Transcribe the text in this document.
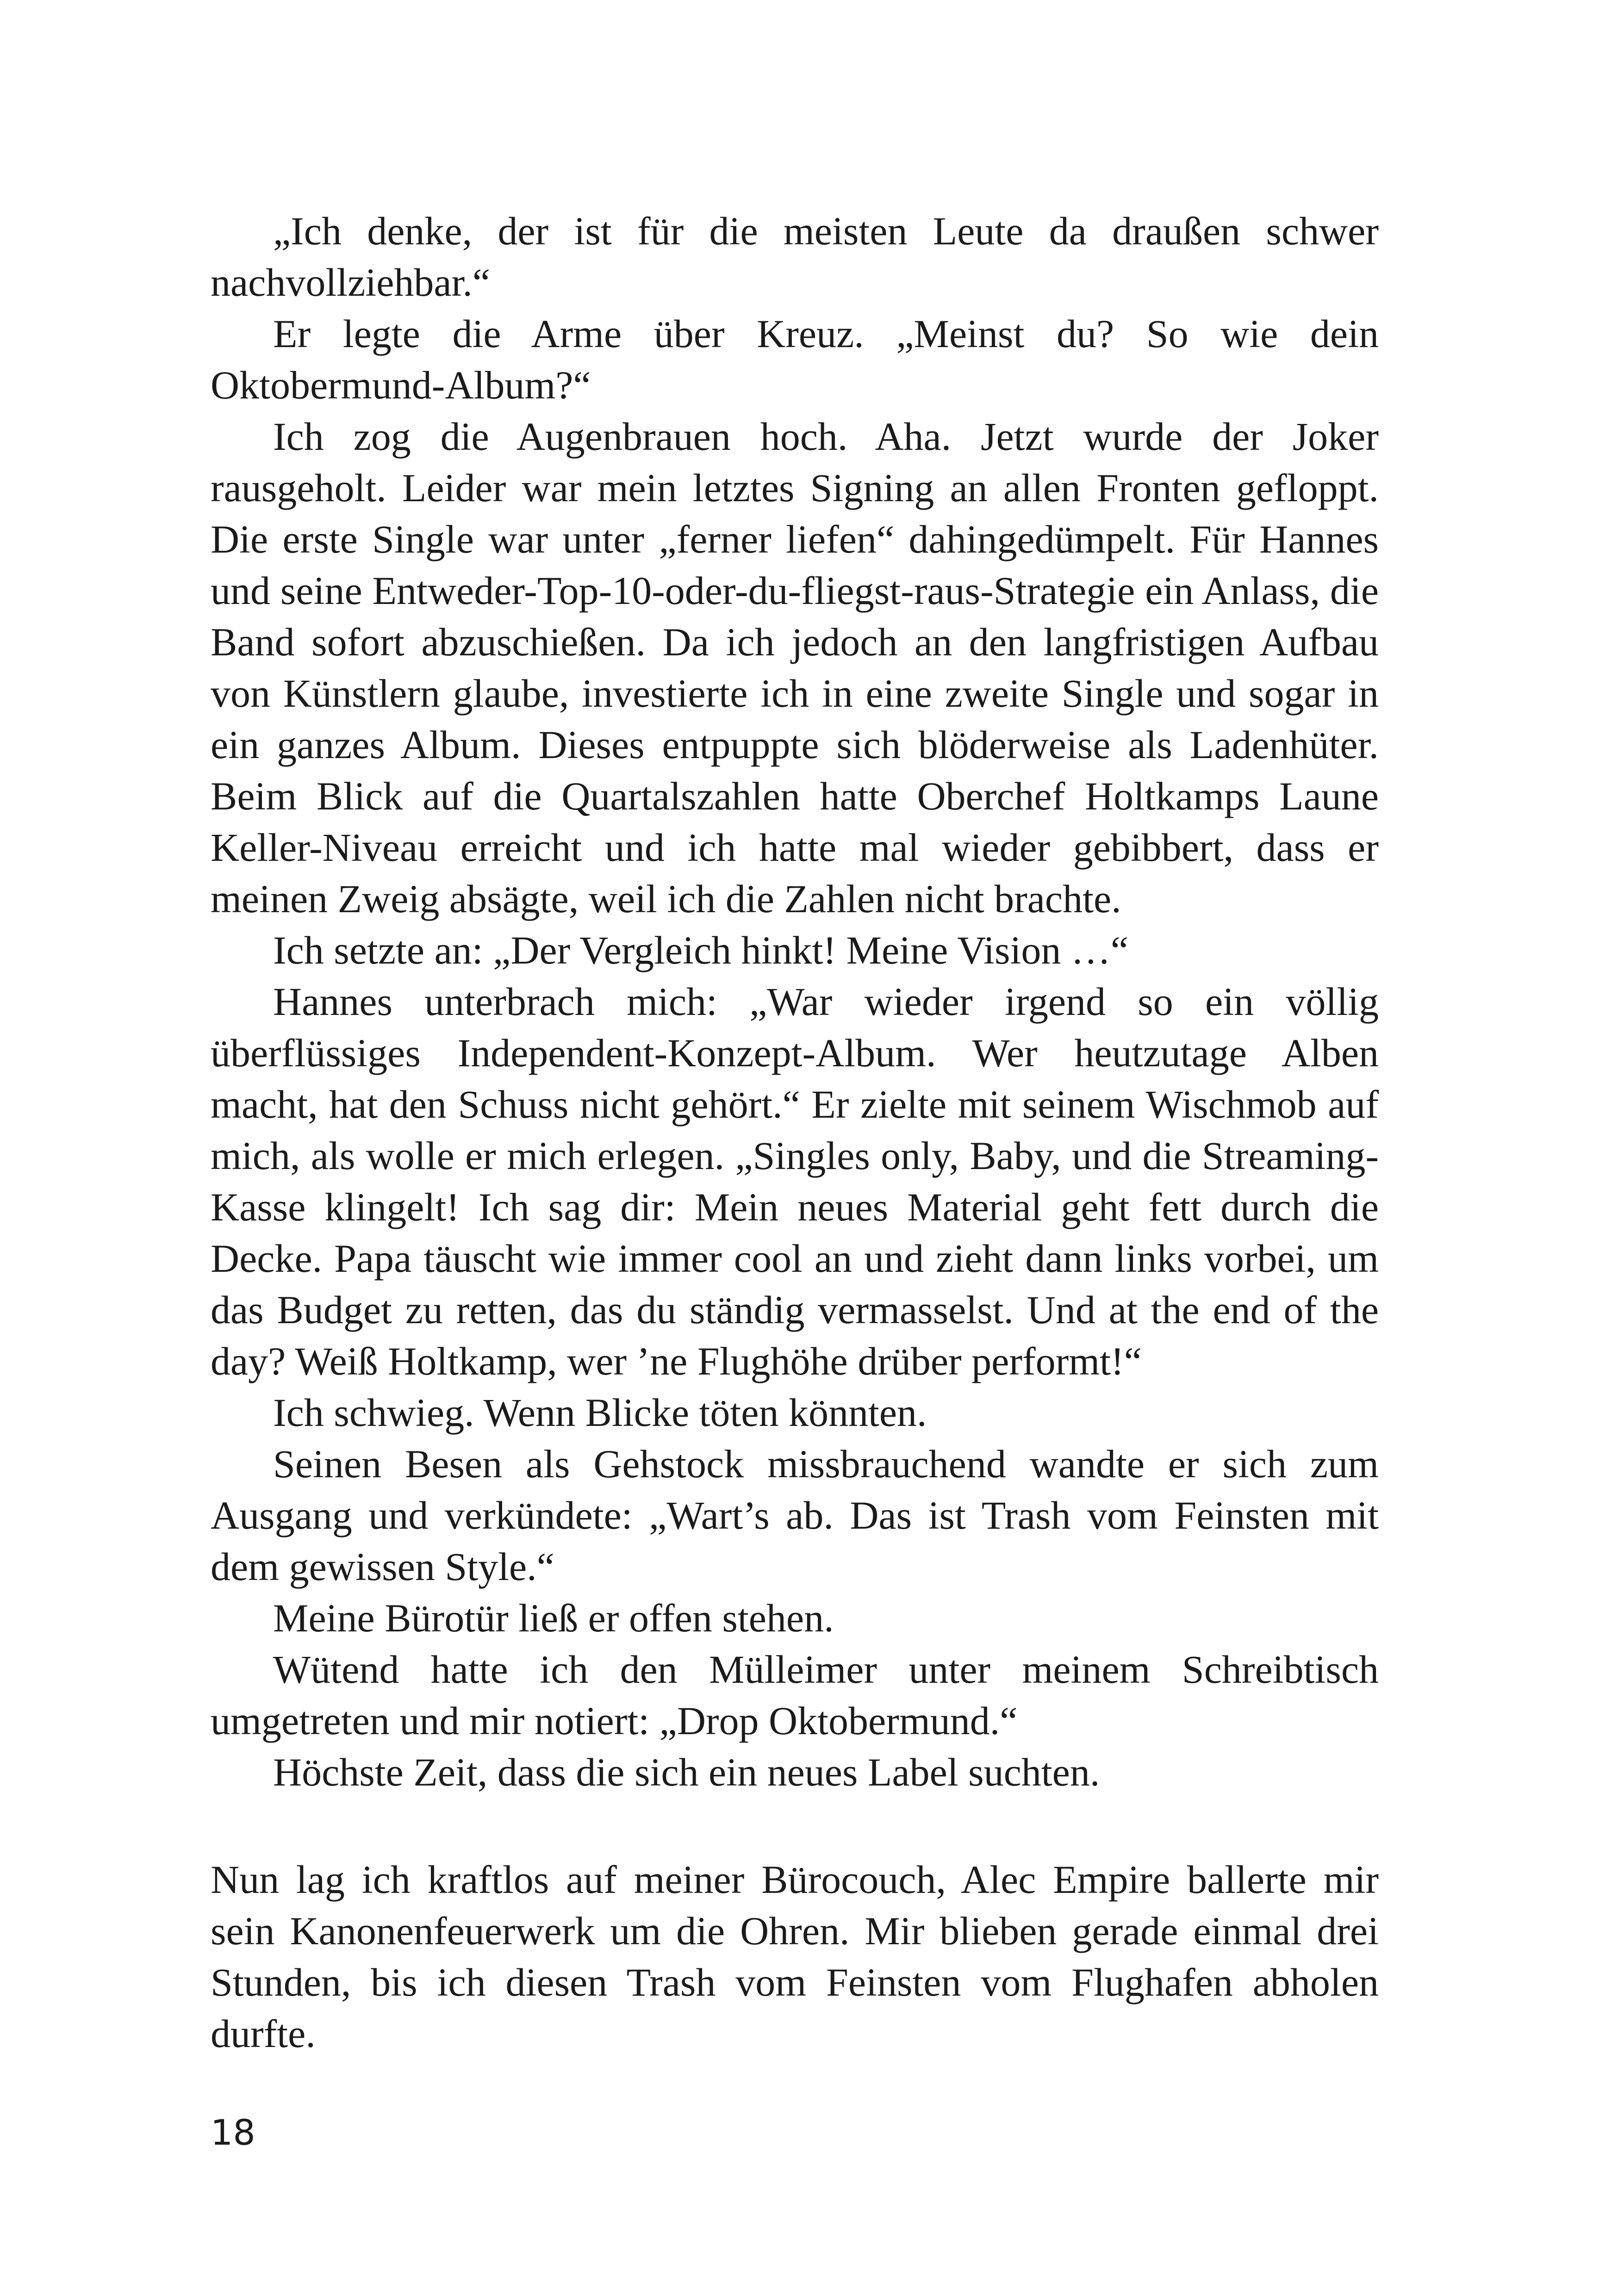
„Ich denke, der ist für die meisten Leute da draußen schwer nachvollziehbar.“

Er legte die Arme über Kreuz. „Meinst du? So wie dein Oktobermund-Album?“

Ich zog die Augenbrauen hoch. Aha. Jetzt wurde der Joker rausgeholt. Leider war mein letztes Signing an allen Fronten gefloppt. Die erste Single war unter „ferner liefen“ dahingedümpelt. Für Hannes und seine Entweder-Top-10-oder-du-fliegst-raus-Strategie ein Anlass, die Band sofort abzuschießen. Da ich jedoch an den langfristigen Aufbau von Künstlern glaube, investierte ich in eine zweite Single und sogar in ein ganzes Album. Dieses entpuppte sich blöderweise als Ladenhüter. Beim Blick auf die Quartalszahlen hatte Oberchef Holtkamps Laune Keller-Niveau erreicht und ich hatte mal wieder gebibbert, dass er meinen Zweig absägte, weil ich die Zahlen nicht brachte.

Ich setzte an: „Der Vergleich hinkt! Meine Vision …“

Hannes unterbrach mich: „War wieder irgend so ein völlig überflüssiges Independent-Konzept-Album. Wer heutzutage Alben macht, hat den Schuss nicht gehört.“ Er zielte mit seinem Wischmob auf mich, als wolle er mich erlegen. „Singles only, Baby, und die Streaming-Kasse klingelt! Ich sag dir: Mein neues Material geht fett durch die Decke. Papa täuscht wie immer cool an und zieht dann links vorbei, um das Budget zu retten, das du ständig vermasselst. Und at the end of the day? Weiß Holtkamp, wer ’ne Flughöhe drüber performt!“

Ich schwieg. Wenn Blicke töten könnten.

Seinen Besen als Gehstock missbrauchend wandte er sich zum Ausgang und verkündete: „Wart’s ab. Das ist Trash vom Feinsten mit dem gewissen Style.“

Meine Bürotür ließ er offen stehen.

Wütend hatte ich den Mülleimer unter meinem Schreibtisch umgetreten und mir notiert: „Drop Oktobermund.“

Höchste Zeit, dass die sich ein neues Label suchten.

Nun lag ich kraftlos auf meiner Bürocouch, Alec Empire ballerte mir sein Kanonenfeuerwerk um die Ohren. Mir blieben gerade einmal drei Stunden, bis ich diesen Trash vom Feinsten vom Flughafen abholen durfte.

18
